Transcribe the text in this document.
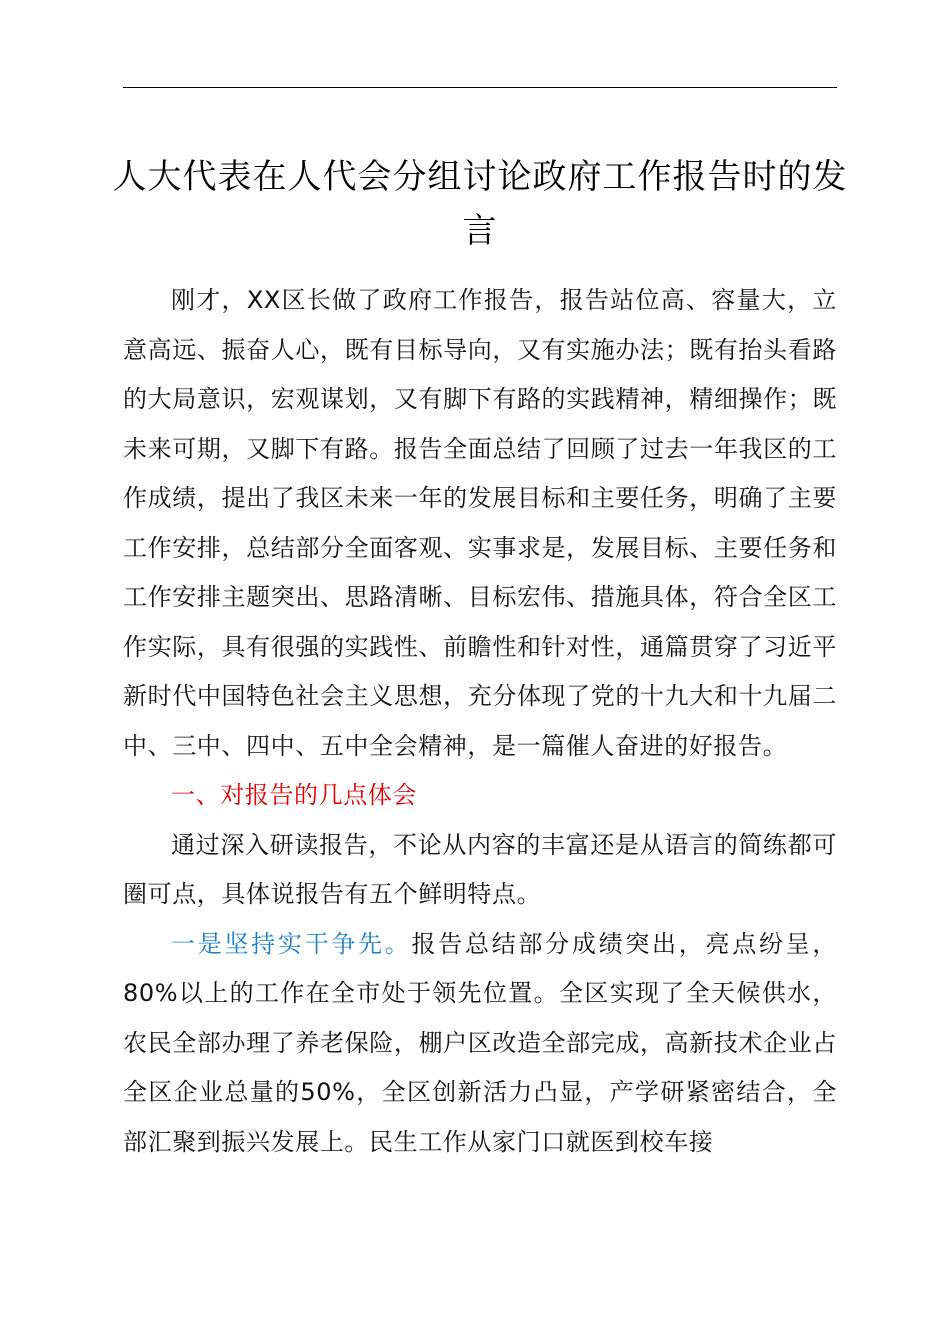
人大代表在人代会分组讨论政府工作报告时的发言

刚才，XX区长做了政府工作报告，报告站位高、容量大，立意高远、振奋人心，既有目标导向，又有实施办法；既有抬头看路的大局意识，宏观谋划，又有脚下有路的实践精神，精细操作；既未来可期，又脚下有路。报告全面总结了回顾了过去一年我区的工作成绩，提出了我区未来一年的发展目标和主要任务，明确了主要工作安排，总结部分全面客观、实事求是，发展目标、主要任务和工作安排主题突出、思路清晰、目标宏伟、措施具体，符合全区工作实际，具有很强的实践性、前瞻性和针对性，通篇贯穿了习近平新时代中国特色社会主义思想，充分体现了党的十九大和十九届二中、三中、四中、五中全会精神，是一篇催人奋进的好报告。

一、对报告的几点体会

通过深入研读报告，不论从内容的丰富还是从语言的简练都可圈可点，具体说报告有五个鲜明特点。

一是坚持实干争先。报告总结部分成绩突出，亮点纷呈，80%以上的工作在全市处于领先位置。全区实现了全天候供水，农民全部办理了养老保险，棚户区改造全部完成，高新技术企业占全区企业总量的50%，全区创新活力凸显，产学研紧密结合，全部汇聚到振兴发展上。民生工作从家门口就医到校车接
